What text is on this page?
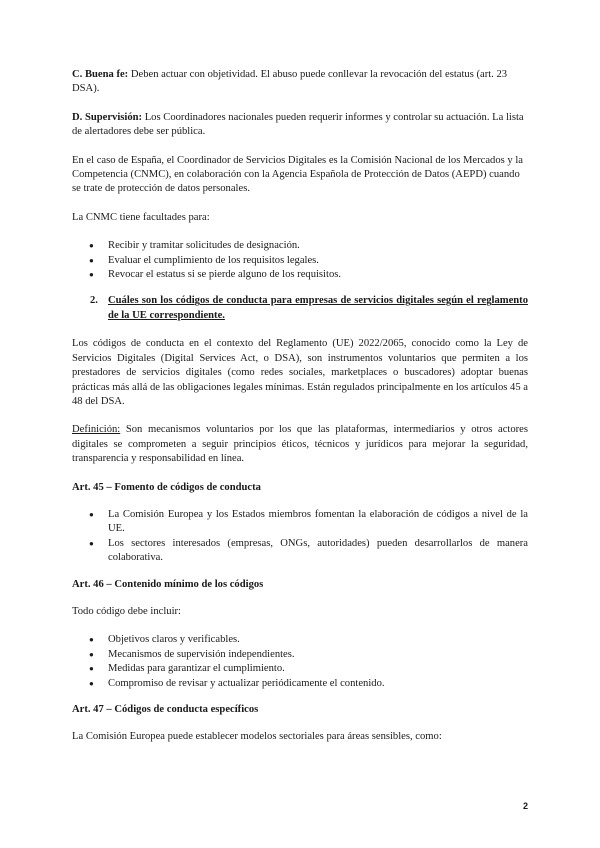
C. Buena fe: Deben actuar con objetividad. El abuso puede conllevar la revocación del estatus (art. 23 DSA).

D. Supervisión: Los Coordinadores nacionales pueden requerir informes y controlar su actuación. La lista de alertadores debe ser pública.

En el caso de España, el Coordinador de Servicios Digitales es la Comisión Nacional de los Mercados y la Competencia (CNMC), en colaboración con la Agencia Española de Protección de Datos (AEPD) cuando se trate de protección de datos personales.

La CNMC tiene facultades para:

● Recibir y tramitar solicitudes de designación.
● Evaluar el cumplimiento de los requisitos legales.
● Revocar el estatus si se pierde alguno de los requisitos.

2. Cuáles son los códigos de conducta para empresas de servicios digitales según el reglamento de la UE correspondiente.

Los códigos de conducta en el contexto del Reglamento (UE) 2022/2065, conocido como la Ley de Servicios Digitales (Digital Services Act, o DSA), son instrumentos voluntarios que permiten a los prestadores de servicios digitales (como redes sociales, marketplaces o buscadores) adoptar buenas prácticas más allá de las obligaciones legales mínimas. Están regulados principalmente en los artículos 45 a 48 del DSA.

Definición: Son mecanismos voluntarios por los que las plataformas, intermediarios y otros actores digitales se comprometen a seguir principios éticos, técnicos y jurídicos para mejorar la seguridad, transparencia y responsabilidad en línea.

Art. 45 – Fomento de códigos de conducta

● La Comisión Europea y los Estados miembros fomentan la elaboración de códigos a nivel de la UE.
● Los sectores interesados (empresas, ONGs, autoridades) pueden desarrollarlos de manera colaborativa.

Art. 46 – Contenido mínimo de los códigos

Todo código debe incluir:

● Objetivos claros y verificables.
● Mecanismos de supervisión independientes.
● Medidas para garantizar el cumplimiento.
● Compromiso de revisar y actualizar periódicamente el contenido.

Art. 47 – Códigos de conducta específicos

La Comisión Europea puede establecer modelos sectoriales para áreas sensibles, como:

2
